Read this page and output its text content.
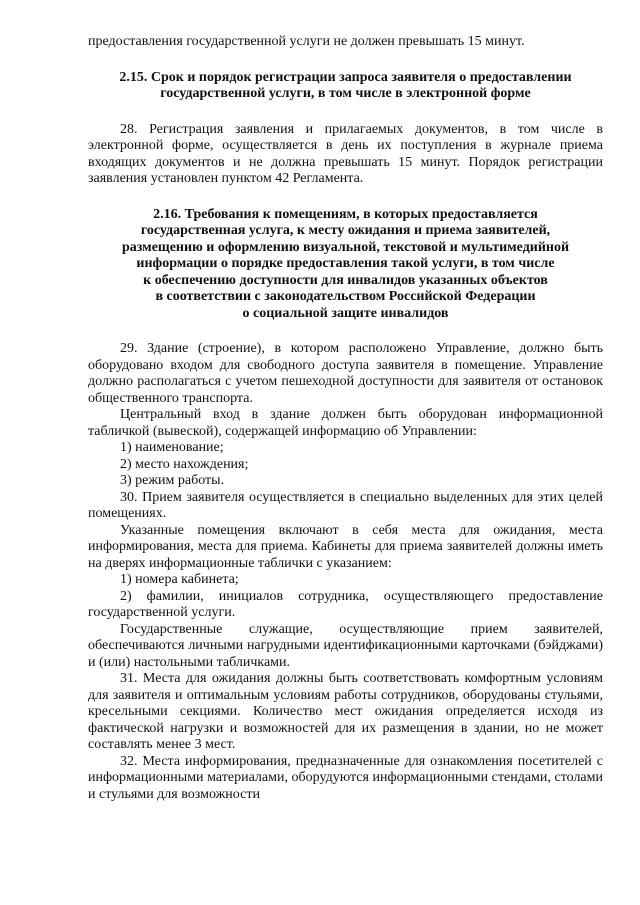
предоставления государственной услуги не должен превышать 15 минут.

2.15. Срок и порядок регистрации запроса заявителя о предоставлении

государственной услуги, в том числе в электронной форме

28. Регистрация заявления и прилагаемых документов, в том числе в электронной форме, осуществляется в день их поступления в журнале приема входящих документов и не должна превышать 15 минут. Порядок регистрации заявления установлен пунктом 42 Регламента.

2.16. Требования к помещениям, в которых предоставляется

государственная услуга, к месту ожидания и приема заявителей,

размещению и оформлению визуальной, текстовой и мультимедийной

информации о порядке предоставления такой услуги, в том числе

к обеспечению доступности для инвалидов указанных объектов

в соответствии с законодательством Российской Федерации

о социальной защите инвалидов

29. Здание (строение), в котором расположено Управление, должно быть оборудовано входом для свободного доступа заявителя в помещение. Управление должно располагаться с учетом пешеходной доступности для заявителя от остановок общественного транспорта.

Центральный вход в здание должен быть оборудован информационной табличкой (вывеской), содержащей информацию об Управлении:

1) наименование;

2) место нахождения;

3) режим работы.

30. Прием заявителя осуществляется в специально выделенных для этих целей помещениях.

Указанные помещения включают в себя места для ожидания, места информирования, места для приема. Кабинеты для приема заявителей должны иметь на дверях информационные таблички с указанием:

1) номера кабинета;

2) фамилии, инициалов сотрудника, осуществляющего предоставление государственной услуги.

Государственные служащие, осуществляющие прием заявителей, обеспечиваются личными нагрудными идентификационными карточками (бэйджами) и (или) настольными табличками.

31. Места для ожидания должны быть соответствовать комфортным условиям для заявителя и оптимальным условиям работы сотрудников, оборудованы стульями, кресельными секциями. Количество мест ожидания определяется исходя из фактической нагрузки и возможностей для их размещения в здании, но не может составлять менее 3 мест.

32. Места информирования, предназначенные для ознакомления посетителей с информационными материалами, оборудуются информационными стендами, столами и стульями для возможности
